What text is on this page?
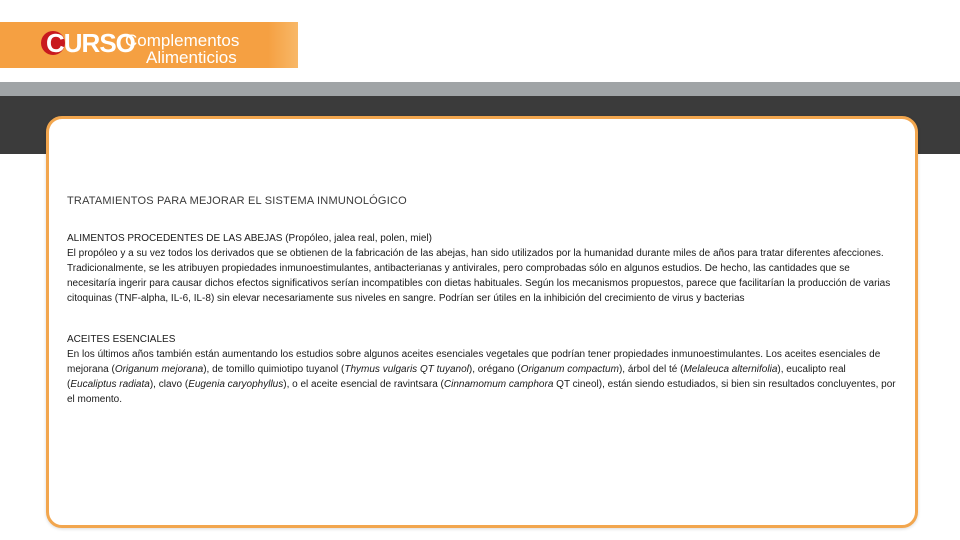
CURSO
Complementos
Alimenticios
TRATAMIENTOS PARA MEJORAR EL SISTEMA INMUNOLÓGICO

ALIMENTOS PROCEDENTES DE LAS ABEJAS (Propóleo, jalea real, polen, miel)

El propóleo y a su vez todos los derivados que se obtienen de la fabricación de las abejas, han sido utilizados por la humanidad durante miles de años para tratar diferentes afecciones. Tradicionalmente, se les atribuyen propiedades inmunoestimulantes, antibacterianas y antivirales, pero comprobadas sólo en algunos estudios. De hecho, las cantidades que se necesitaría ingerir para causar dichos efectos significativos serían incompatibles con dietas habituales. Según los mecanismos propuestos, parece que facilitarían la producción de varias citoquinas (TNF-alpha, IL-6, IL-8) sin elevar necesariamente sus niveles en sangre. Podrían ser útiles en la inhibición del crecimiento de virus y bacterias

ACEITES ESENCIALES

En los últimos años también están aumentando los estudios sobre algunos aceites esenciales vegetales que podrían tener propiedades inmunoestimulantes. Los aceites esenciales de mejorana (Origanum mejorana), de tomillo quimiotipo tuyanol (Thymus vulgaris QT tuyanol), orégano (Origanum compactum), árbol del té (Melaleuca alternifolia), eucalipto real (Eucaliptus radiata), clavo (Eugenia caryophyllus), o el aceite esencial de ravintsara (Cinnamomum camphora QT cineol), están siendo estudiados, si bien sin resultados concluyentes, por el momento.
